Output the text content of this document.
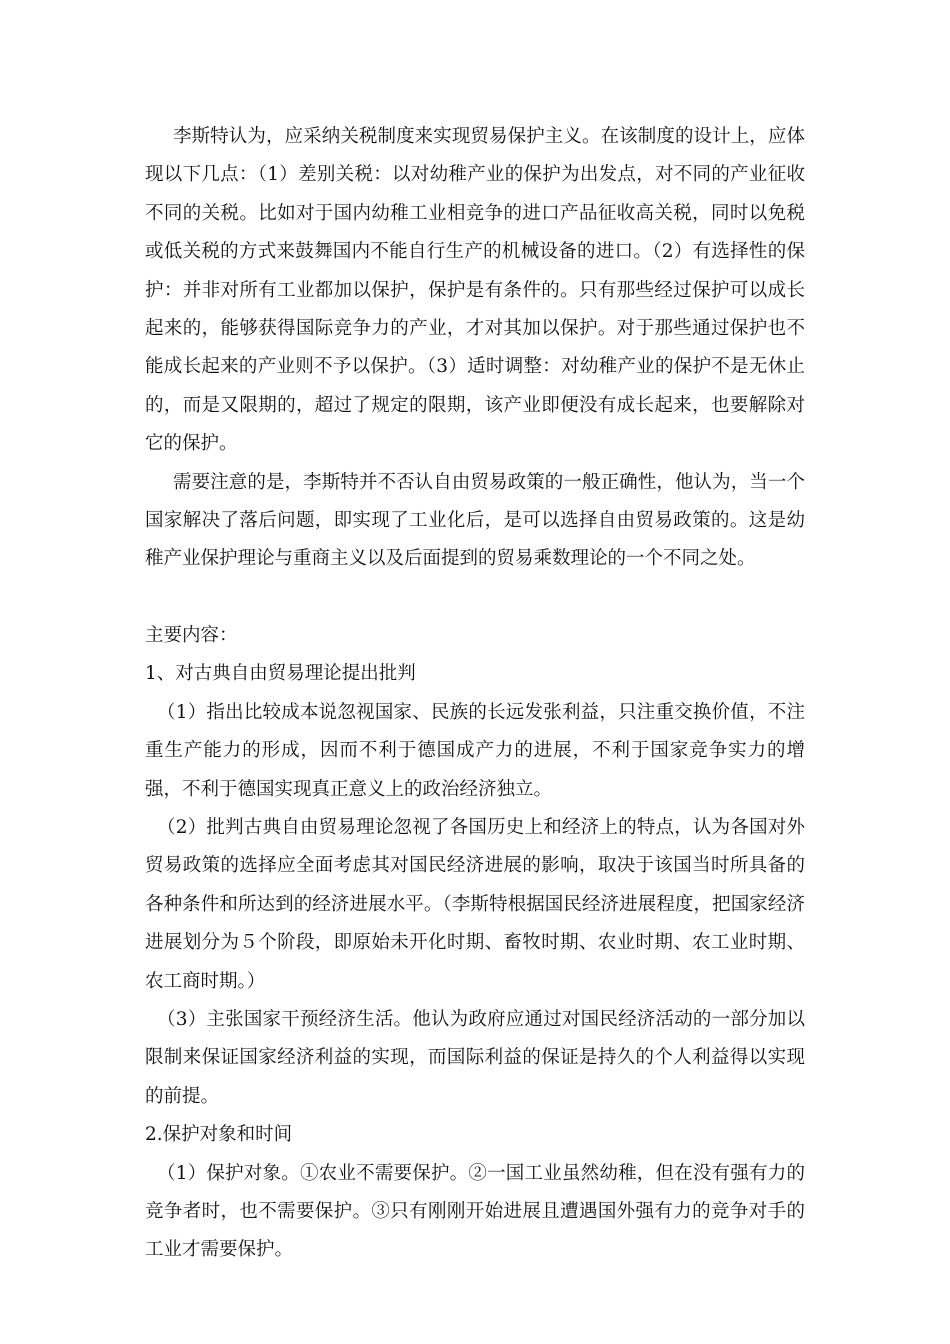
李斯特认为，应采纳关税制度来实现贸易保护主义。在该制度的设计上，应体现以下几点：（1）差别关税：以对幼稚产业的保护为出发点，对不同的产业征收不同的关税。比如对于国内幼稚工业相竞争的进口产品征收高关税，同时以免税或低关税的方式来鼓舞国内不能自行生产的机械设备的进口。（2）有选择性的保护：并非对所有工业都加以保护，保护是有条件的。只有那些经过保护可以成长起来的，能够获得国际竞争力的产业，才对其加以保护。对于那些通过保护也不能成长起来的产业则不予以保护。（3）适时调整：对幼稚产业的保护不是无休止的，而是又限期的，超过了规定的限期，该产业即便没有成长起来，也要解除对它的保护。

需要注意的是，李斯特并不否认自由贸易政策的一般正确性，他认为，当一个国家解决了落后问题，即实现了工业化后，是可以选择自由贸易政策的。这是幼稚产业保护理论与重商主义以及后面提到的贸易乘数理论的一个不同之处。

主要内容：

1、对古典自由贸易理论提出批判

（1）指出比较成本说忽视国家、民族的长远发张利益，只注重交换价值，不注重生产能力的形成，因而不利于德国成产力的进展，不利于国家竞争实力的增强，不利于德国实现真正意义上的政治经济独立。

（2）批判古典自由贸易理论忽视了各国历史上和经济上的特点，认为各国对外贸易政策的选择应全面考虑其对国民经济进展的影响，取决于该国当时所具备的各种条件和所达到的经济进展水平。（李斯特根据国民经济进展程度，把国家经济进展划分为５个阶段，即原始未开化时期、畜牧时期、农业时期、农工业时期、农工商时期。）

（3）主张国家干预经济生活。他认为政府应通过对国民经济活动的一部分加以限制来保证国家经济利益的实现，而国际利益的保证是持久的个人利益得以实现的前提。

2.保护对象和时间

（1）保护对象。①农业不需要保护。②一国工业虽然幼稚，但在没有强有力的竞争者时，也不需要保护。③只有刚刚开始进展且遭遇国外强有力的竞争对手的工业才需要保护。
